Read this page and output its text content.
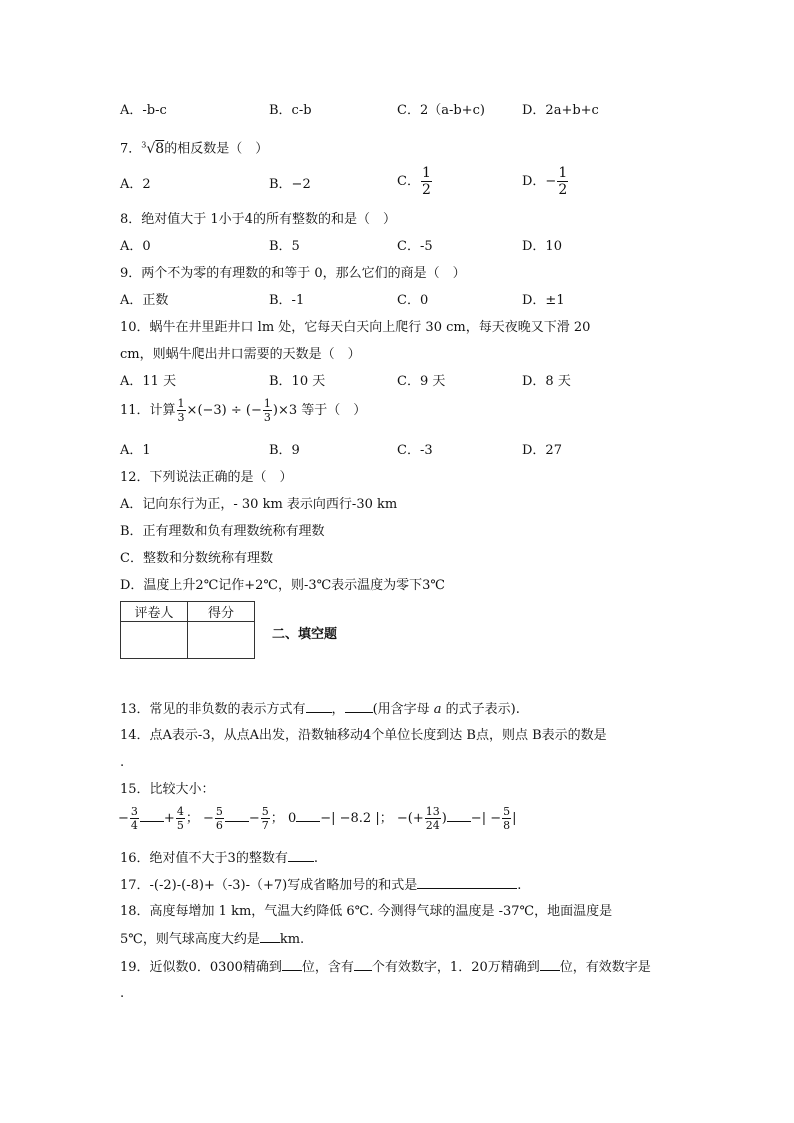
A．-b-c	B．c-b	C．2（a-b+c)	D．2a+b+c
7．$^3$√8的相反数是（　）
A．2	B．−2	C． $\frac{1}{2}$	D．− $\frac{1}{2}$
8．绝对值大于 1小于4的所有整数的和是（　）
A．0	B．5	C．-5	D．10
9．两个不为零的有理数的和等于 0，那么它们的商是（　）
A．正数	B．-1	C．0	D．±1
10．蜗牛在井里距井口 lm 处，它每天白天向上爬行 30 cm，每天夜晚又下滑 20
cm，则蜗牛爬出井口需要的天数是（　）
A．11 天	B．10 天	C．9 天	D．8 天
11．计算 $\frac{1}{3} \times(-3)$ ÷ (− $\frac{1}{3} )\times 3$ 等于（　）
A．1	B．9	C．-3	D．27
12．下列说法正确的是（　）
A．记向东行为正，- 30 km 表示向西行-30 km
B．正有理数和负有理数统称有理数
C．整数和分数统称有理数
D．温度上升2℃记作+2℃，则-3℃表示温度为零下3℃
评卷人	得分

二、填空题
13．常见的非负数的表示方式有 ， (用含字母 a 的式子表示).
14．点A表示-3，从点A出发，沿数轴移动4个单位长度到达 B点，则点 B表示的数是
.
15．比较大小：
− $\frac{3}{4} + \frac{4}{5}$ ； − $\frac{5}{6} - \frac{5}{7}$ ； 0 −| −8.2 |； −(+ $\frac{13}{24}$ ) −| − $\frac{5}{8}$ |
16．绝对值不大于3的整数有 .
17．-(-2)-(-8)+（-3)-（+7)写成省略加号的和式是	.
18．高度每增加 1 km，气温大约降低 6℃. 今测得气球的温度是 -37℃，地面温度是
5℃，则气球高度大约是 km.
19．近似数0．0300精确到 位，含有 个有效数字，1．20万精确到 位，有效数字是
.
